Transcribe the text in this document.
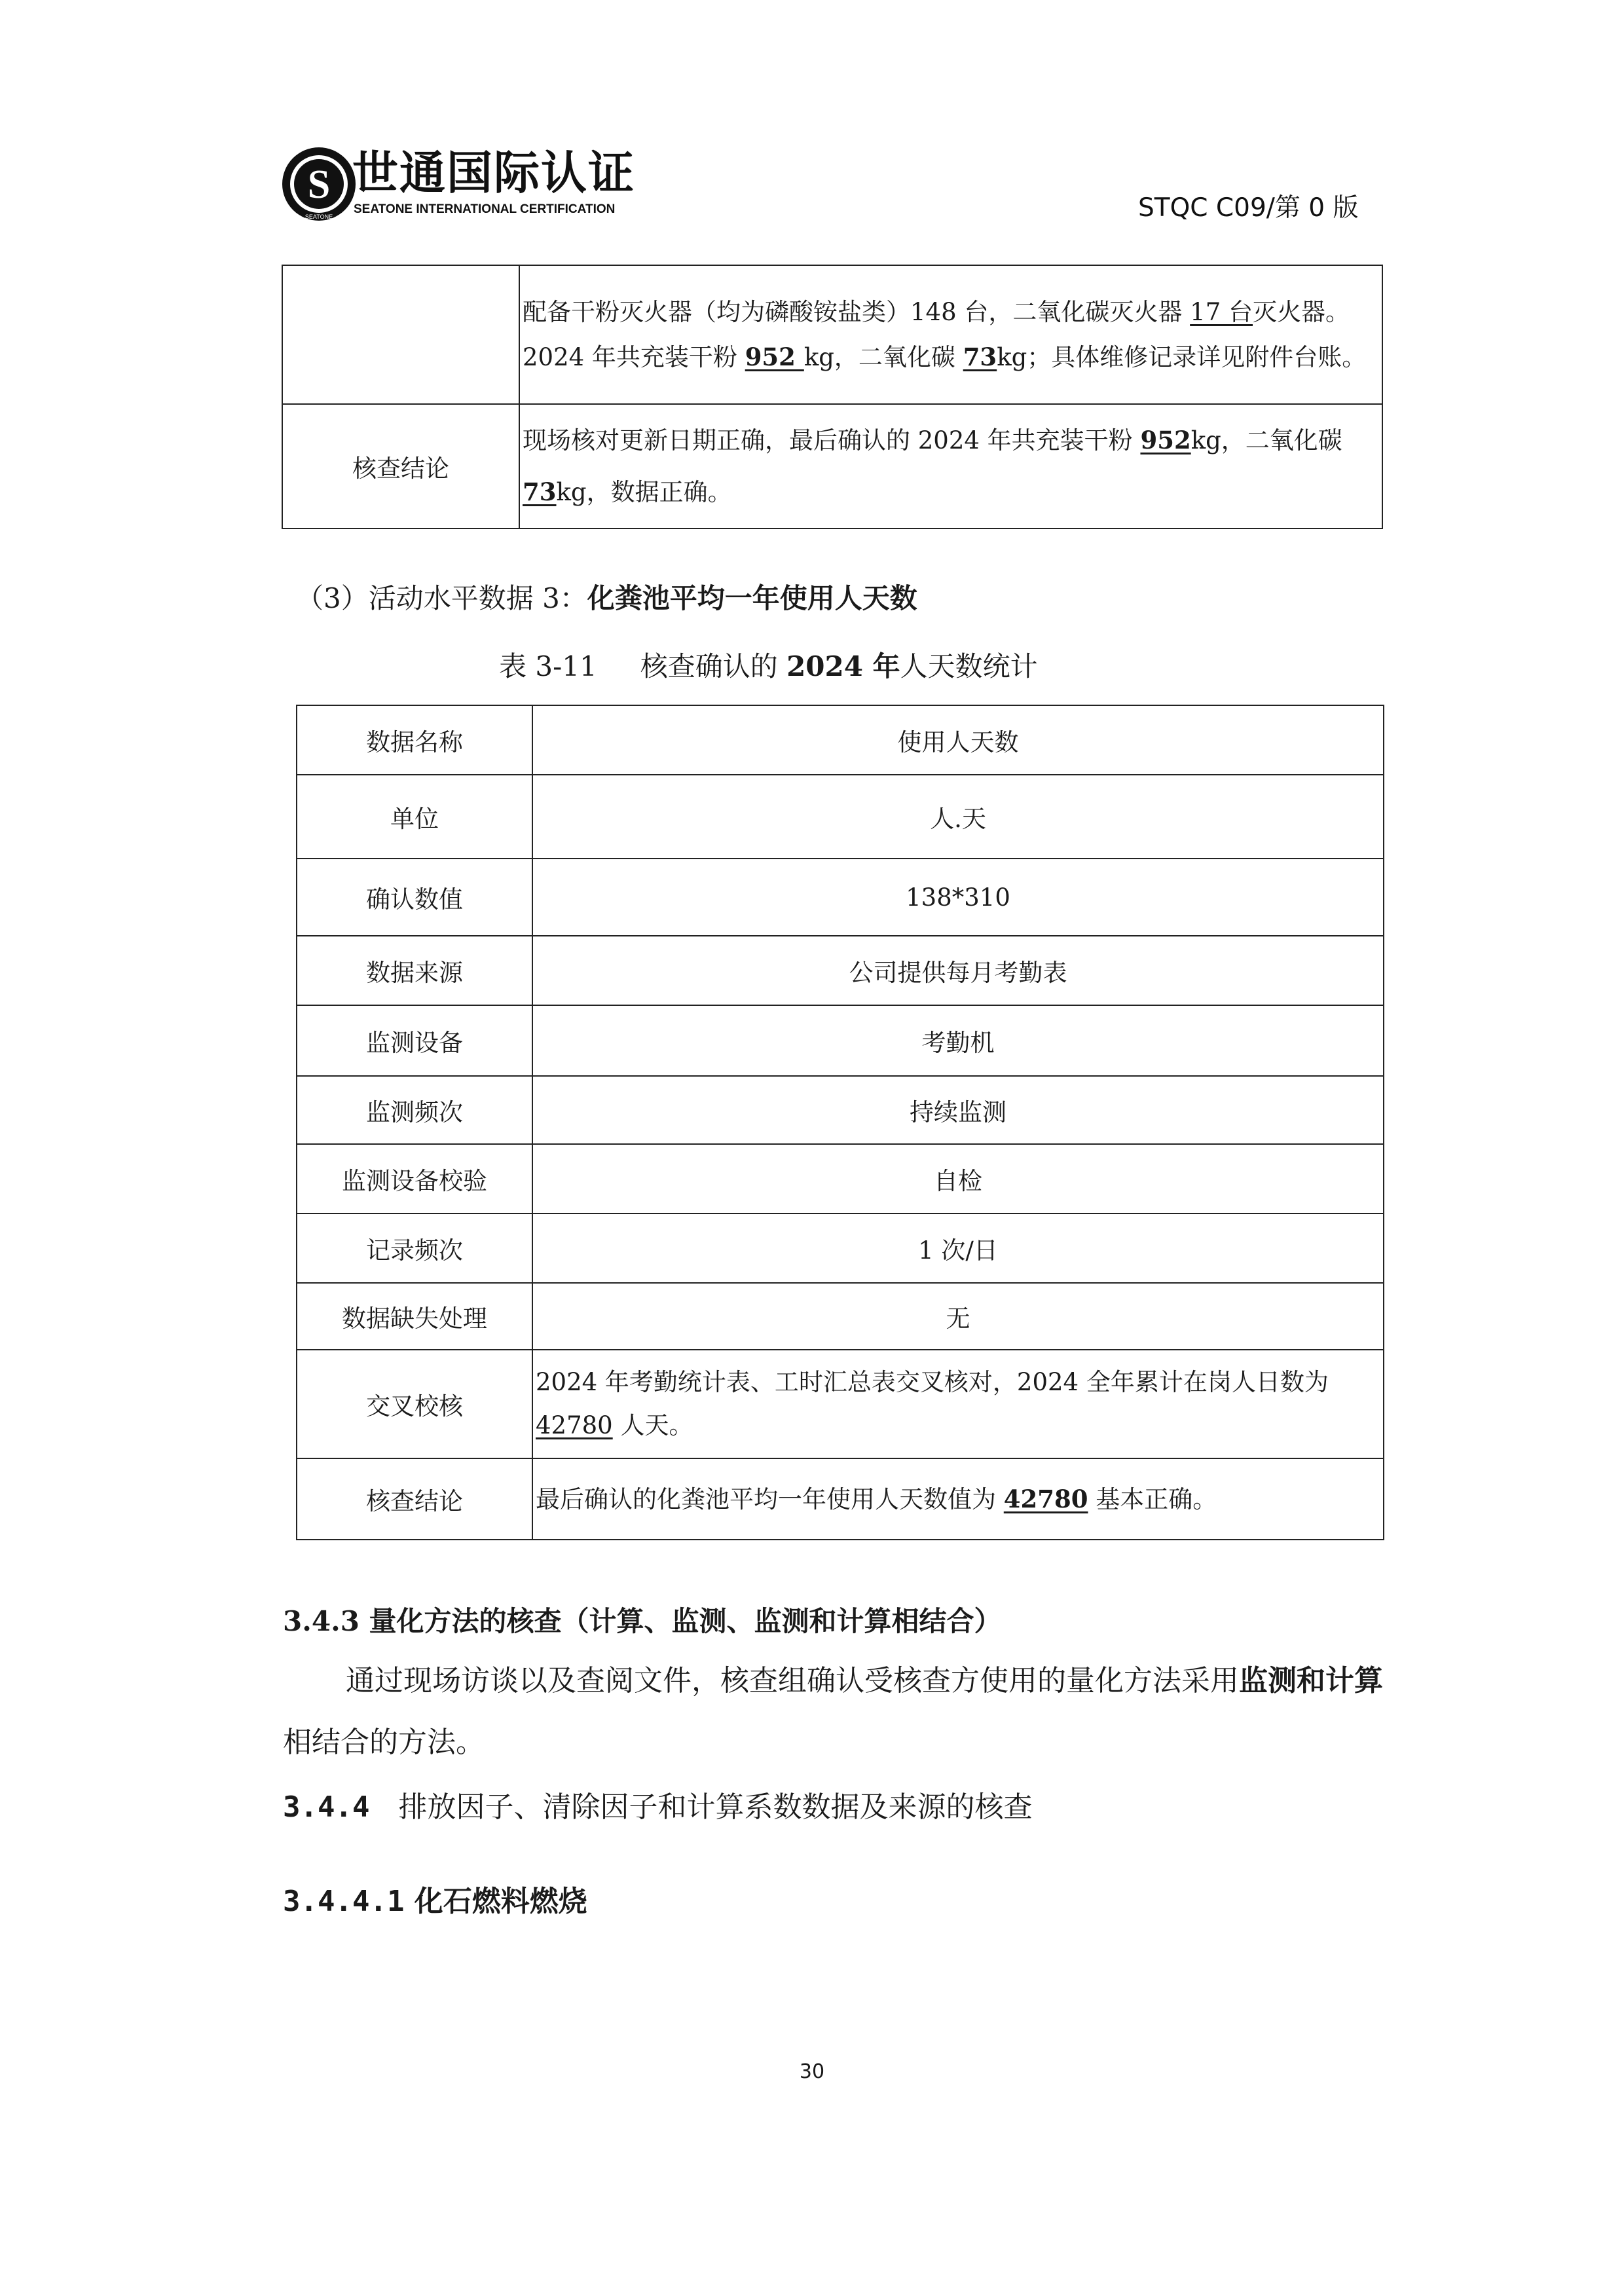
S
SEATONE
世通国际认证
SEATONE INTERNATIONAL CERTIFICATION	STQC C09/第 0 版
	配备干粉灭火器（均为磷酸铵盐类）148 台，二氧化碳灭火器 17 台灭火器。2024 年共充装干粉 952 kg，二氧化碳 73kg；具体维修记录详见附件台账。
核查结论	现场核对更新日期正确，最后确认的 2024 年共充装干粉 952kg，二氧化碳 73kg，数据正确。
（3）活动水平数据 3：化粪池平均一年使用人天数
表 3-11 核查确认的 2024 年人天数统计
数据名称	使用人天数
单位	人.天
确认数值	138*310
数据来源	公司提供每月考勤表
监测设备	考勤机
监测频次	持续监测
监测设备校验	自检
记录频次	1 次/日
数据缺失处理	无
交叉校核	2024 年考勤统计表、工时汇总表交叉核对，2024 全年累计在岗人日数为 42780 人天。
核查结论	最后确认的化粪池平均一年使用人天数值为 42780 基本正确。
3.4.3 量化方法的核查（计算、监测、监测和计算相结合）
通过现场访谈以及查阅文件，核查组确认受核查方使用的量化方法采用监测和计算相结合的方法。
3.4.4 排放因子、清除因子和计算系数数据及来源的核查
3.4.4.1 化石燃料燃烧
30
